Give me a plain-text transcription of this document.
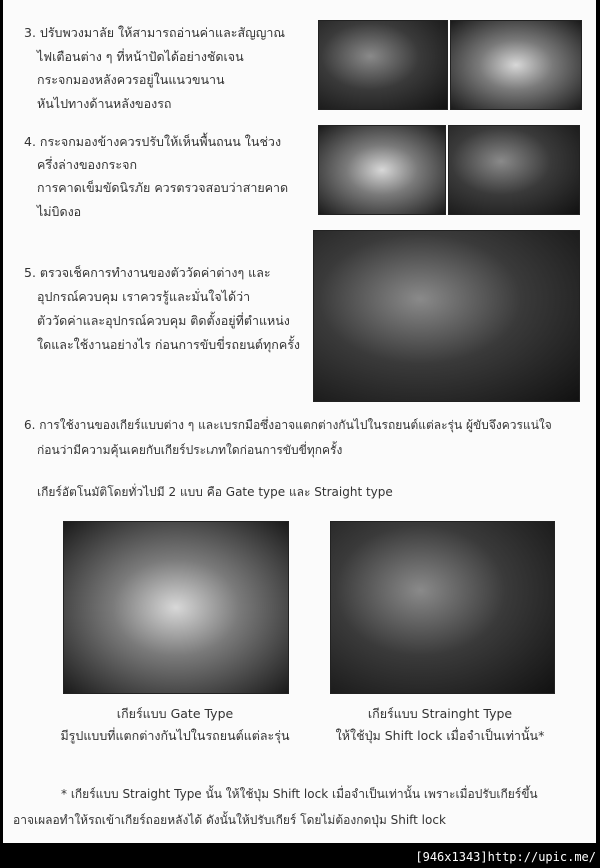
3. ปรับพวงมาลัย ให้สามารถอ่านค่าและสัญญาณ
ไฟเตือนต่าง ๆ ที่หน้าปัดได้อย่างชัดเจน
กระจกมองหลังควรอยู่ในแนวขนาน
หันไปทางด้านหลังของรถ
4. กระจกมองข้างควรปรับให้เห็นพื้นถนน ในช่วง
ครึ่งล่างของกระจก
การคาดเข็มขัดนิรภัย ควรตรวจสอบว่าสายคาด
ไม่บิดงอ
5. ตรวจเช็คการทำงานของตัววัดค่าต่างๆ และ
อุปกรณ์ควบคุม เราควรรู้และมั่นใจได้ว่า
ตัววัดค่าและอุปกรณ์ควบคุม ติดตั้งอยู่ที่ตำแหน่ง
ใดและใช้งานอย่างไร ก่อนการขับขี่รถยนต์ทุกครั้ง
6. การใช้งานของเกียร์แบบต่าง ๆ และเบรกมือซึ่งอาจแตกต่างกันไปในรถยนต์แต่ละรุ่น ผู้ขับจึงควรแน่ใจ
ก่อนว่ามีความคุ้นเคยกับเกียร์ประเภทใดก่อนการขับขี่ทุกครั้ง
เกียร์อัตโนมัติโดยทั่วไปมี 2 แบบ คือ Gate type และ Straight type
เกียร์แบบ Gate Type
มีรูปแบบที่แตกต่างกันไปในรถยนต์แต่ละรุ่น
เกียร์แบบ Strainght Type
ให้ใช้ปุ่ม Shift lock เมื่อจำเป็นเท่านั้น*
* เกียร์แบบ Straight Type นั้น ให้ใช้ปุ่ม Shift lock เมื่อจำเป็นเท่านั้น เพราะเมื่อปรับเกียร์ขึ้น
อาจเผลอทำให้รถเข้าเกียร์ถอยหลังได้ ดังนั้นให้ปรับเกียร์ โดยไม่ต้องกดปุ่ม Shift lock
[946x1343]http://upic.me/
